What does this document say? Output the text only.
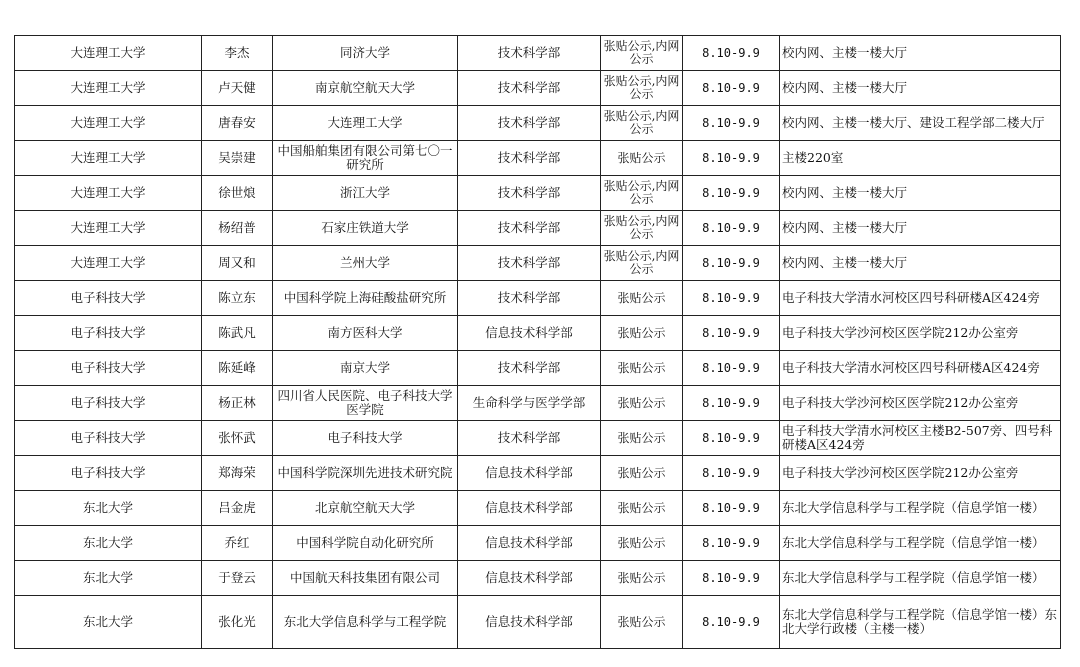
大连理工大学	李杰	同济大学	技术科学部	张贴公示,内网公示	8.10-9.9	校内网、主楼一楼大厅
大连理工大学	卢天健	南京航空航天大学	技术科学部	张贴公示,内网公示	8.10-9.9	校内网、主楼一楼大厅
大连理工大学	唐春安	大连理工大学	技术科学部	张贴公示,内网公示	8.10-9.9	校内网、主楼一楼大厅、建设工程学部二楼大厅
大连理工大学	吴崇建	中国船舶集团有限公司第七〇一研究所	技术科学部	张贴公示	8.10-9.9	主楼220室
大连理工大学	徐世烺	浙江大学	技术科学部	张贴公示,内网公示	8.10-9.9	校内网、主楼一楼大厅
大连理工大学	杨绍普	石家庄铁道大学	技术科学部	张贴公示,内网公示	8.10-9.9	校内网、主楼一楼大厅
大连理工大学	周又和	兰州大学	技术科学部	张贴公示,内网公示	8.10-9.9	校内网、主楼一楼大厅
电子科技大学	陈立东	中国科学院上海硅酸盐研究所	技术科学部	张贴公示	8.10-9.9	电子科技大学清水河校区四号科研楼A区424旁
电子科技大学	陈武凡	南方医科大学	信息技术科学部	张贴公示	8.10-9.9	电子科技大学沙河校区医学院212办公室旁
电子科技大学	陈延峰	南京大学	技术科学部	张贴公示	8.10-9.9	电子科技大学清水河校区四号科研楼A区424旁
电子科技大学	杨正林	四川省人民医院、电子科技大学医学院	生命科学与医学学部	张贴公示	8.10-9.9	电子科技大学沙河校区医学院212办公室旁
电子科技大学	张怀武	电子科技大学	技术科学部	张贴公示	8.10-9.9	电子科技大学清水河校区主楼B2-507旁、四号科研楼A区424旁
电子科技大学	郑海荣	中国科学院深圳先进技术研究院	信息技术科学部	张贴公示	8.10-9.9	电子科技大学沙河校区医学院212办公室旁
东北大学	吕金虎	北京航空航天大学	信息技术科学部	张贴公示	8.10-9.9	东北大学信息科学与工程学院（信息学馆一楼）
东北大学	乔红	中国科学院自动化研究所	信息技术科学部	张贴公示	8.10-9.9	东北大学信息科学与工程学院（信息学馆一楼）
东北大学	于登云	中国航天科技集团有限公司	信息技术科学部	张贴公示	8.10-9.9	东北大学信息科学与工程学院（信息学馆一楼）
东北大学	张化光	东北大学信息科学与工程学院	信息技术科学部	张贴公示	8.10-9.9	东北大学信息科学与工程学院（信息学馆一楼）东北大学行政楼（主楼一楼）
